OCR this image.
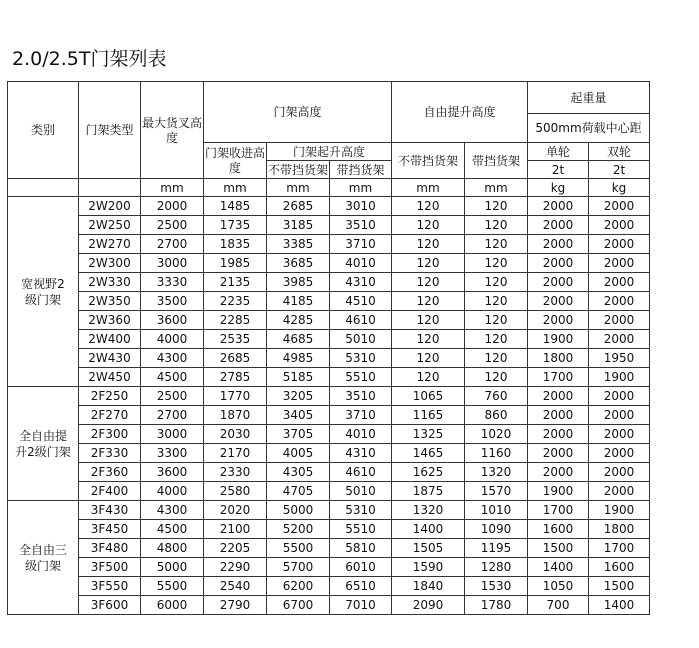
2.0/2.5T门架列表
类别	门架类型	最大货叉高度	门架高度			自由提升高度		起重量	
								500mm荷载中心距	
			门架收进高度	门架起升高度		不带挡货架	带挡货架	单轮	双轮
				不带挡货架	带挡货架			2t	2t
		mm	mm	mm	mm	mm	mm	kg	kg
宽视野2级门架	2W200	2000	1485	2685	3010	120	120	2000	2000
	2W250	2500	1735	3185	3510	120	120	2000	2000
	2W270	2700	1835	3385	3710	120	120	2000	2000
	2W300	3000	1985	3685	4010	120	120	2000	2000
	2W330	3330	2135	3985	4310	120	120	2000	2000
	2W350	3500	2235	4185	4510	120	120	2000	2000
	2W360	3600	2285	4285	4610	120	120	2000	2000
	2W400	4000	2535	4685	5010	120	120	1900	2000
	2W430	4300	2685	4985	5310	120	120	1800	1950
	2W450	4500	2785	5185	5510	120	120	1700	1900
全自由提升2级门架	2F250	2500	1770	3205	3510	1065	760	2000	2000
	2F270	2700	1870	3405	3710	1165	860	2000	2000
	2F300	3000	2030	3705	4010	1325	1020	2000	2000
	2F330	3300	2170	4005	4310	1465	1160	2000	2000
	2F360	3600	2330	4305	4610	1625	1320	2000	2000
	2F400	4000	2580	4705	5010	1875	1570	1900	2000
全自由三级门架	3F430	4300	2020	5000	5310	1320	1010	1700	1900
	3F450	4500	2100	5200	5510	1400	1090	1600	1800
	3F480	4800	2205	5500	5810	1505	1195	1500	1700
	3F500	5000	2290	5700	6010	1590	1280	1400	1600
	3F550	5500	2540	6200	6510	1840	1530	1050	1500
	3F600	6000	2790	6700	7010	2090	1780	700	1400
